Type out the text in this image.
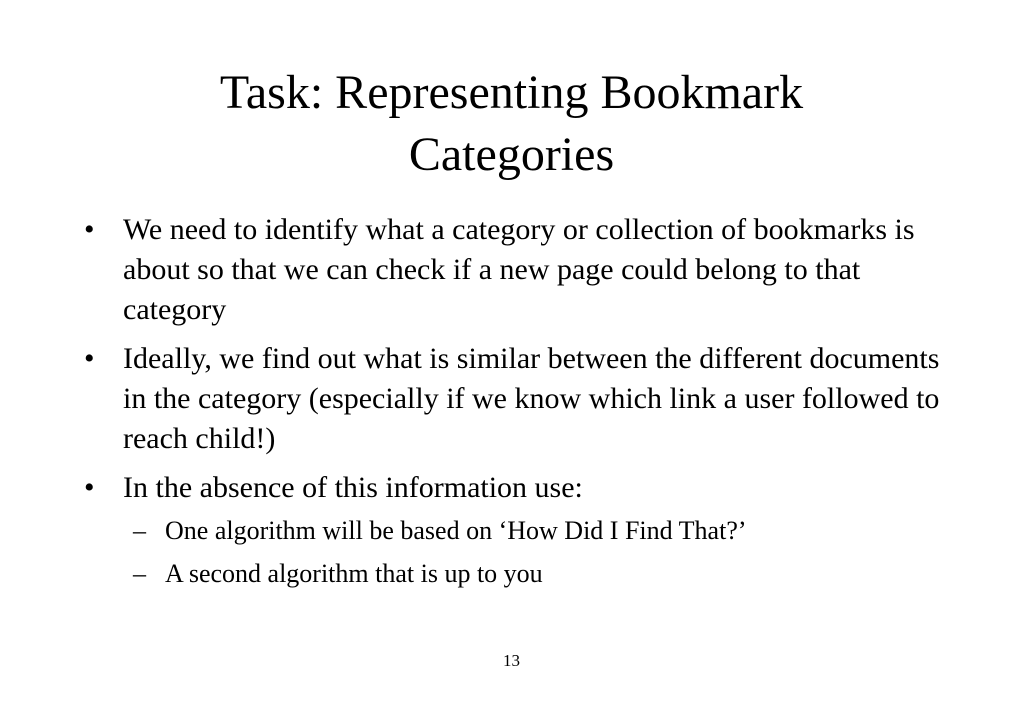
Task: Representing Bookmark
Categories
• We need to identify what a category or collection of bookmarks is about so that we can check if a new page could belong to that category
• Ideally, we find out what is similar between the different documents in the category (especially if we know which link a user followed to reach child!)
• In the absence of this information use:
– One algorithm will be based on ‘How Did I Find That?’
– A second algorithm that is up to you
13
